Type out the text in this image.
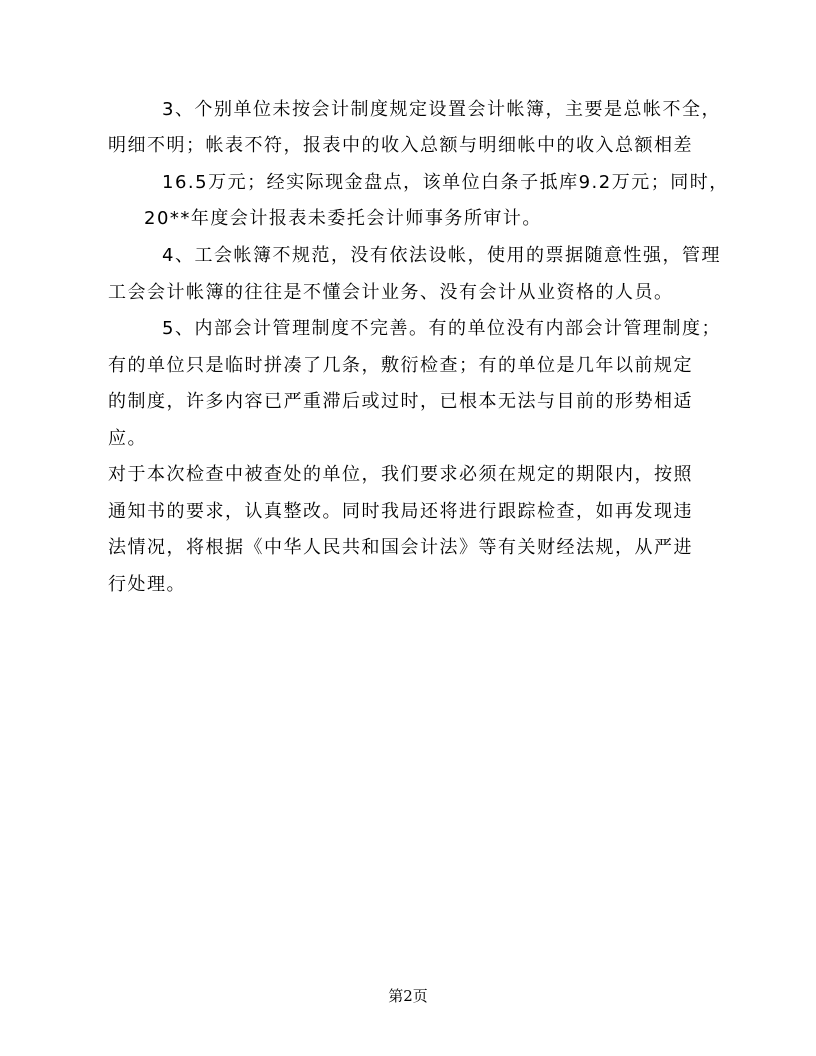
3、个别单位未按会计制度规定设置会计帐簿，主要是总帐不全，
明细不明；帐表不符，报表中的收入总额与明细帐中的收入总额相差
16.5万元；经实际现金盘点，该单位白条子抵库9.2万元；同时，
20**年度会计报表未委托会计师事务所审计。
4、工会帐簿不规范，没有依法设帐，使用的票据随意性强，管理
工会会计帐簿的往往是不懂会计业务、没有会计从业资格的人员。
5、内部会计管理制度不完善。有的单位没有内部会计管理制度；
有的单位只是临时拼凑了几条，敷衍检查；有的单位是几年以前规定
的制度，许多内容已严重滞后或过时，已根本无法与目前的形势相适
应。
对于本次检查中被查处的单位，我们要求必须在规定的期限内，按照
通知书的要求，认真整改。同时我局还将进行跟踪检查，如再发现违
法情况，将根据《中华人民共和国会计法》等有关财经法规，从严进
行处理。
第2页
